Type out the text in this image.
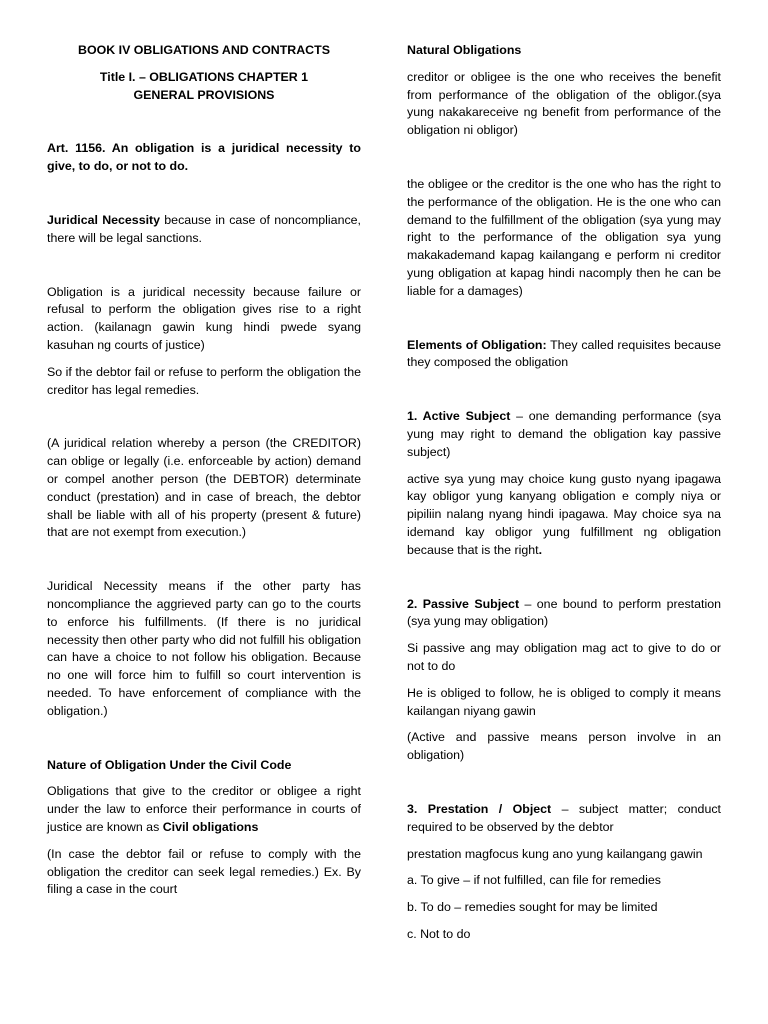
BOOK IV OBLIGATIONS AND CONTRACTS

Title I. – OBLIGATIONS CHAPTER 1 GENERAL PROVISIONS

Art. 1156. An obligation is a juridical necessity to give, to do, or not to do.

Juridical Necessity because in case of noncompliance, there will be legal sanctions.

Obligation is a juridical necessity because failure or refusal to perform the obligation gives rise to a right action. (kailanagn gawin kung hindi pwede syang kasuhan ng courts of justice)

So if the debtor fail or refuse to perform the obligation the creditor has legal remedies.

(A juridical relation whereby a person (the CREDITOR) can oblige or legally (i.e. enforceable by action) demand or compel another person (the DEBTOR) determinate conduct (prestation) and in case of breach, the debtor shall be liable with all of his property (present & future) that are not exempt from execution.)

Juridical Necessity means if the other party has noncompliance the aggrieved party can go to the courts to enforce his fulfillments. (If there is no juridical necessity then other party who did not fulfill his obligation can have a choice to not follow his obligation. Because no one will force him to fulfill so court intervention is needed. To have enforcement of compliance with the obligation.)

Nature of Obligation Under the Civil Code

Obligations that give to the creditor or obligee a right under the law to enforce their performance in courts of justice are known as Civil obligations

(In case the debtor fail or refuse to comply with the obligation the creditor can seek legal remedies.) Ex. By filing a case in the court

Natural Obligations

creditor or obligee is the one who receives the benefit from performance of the obligation of the obligor.(sya yung nakakareceive ng benefit from performance of the obligation ni obligor)

the obligee or the creditor is the one who has the right to the performance of the obligation. He is the one who can demand to the fulfillment of the obligation (sya yung may right to the performance of the obligation sya yung makakademand kapag kailangang e perform ni creditor yung obligation at kapag hindi nacomply then he can be liable for a damages)

Elements of Obligation: They called requisites because they composed the obligation

1. Active Subject – one demanding performance (sya yung may right to demand the obligation kay passive subject)

active sya yung may choice kung gusto nyang ipagawa kay obligor yung kanyang obligation e comply niya or pipiliin nalang nyang hindi ipagawa. May choice sya na idemand kay obligor yung fulfillment ng obligation because that is the right.

2. Passive Subject – one bound to perform prestation (sya yung may obligation)

Si passive ang may obligation mag act to give to do or not to do

He is obliged to follow, he is obliged to comply it means kailangan niyang gawin

(Active and passive means person involve in an obligation)

3. Prestation / Object – subject matter; conduct required to be observed by the debtor

prestation magfocus kung ano yung kailangang gawin

a. To give – if not fulfilled, can file for remedies

b. To do – remedies sought for may be limited

c. Not to do
